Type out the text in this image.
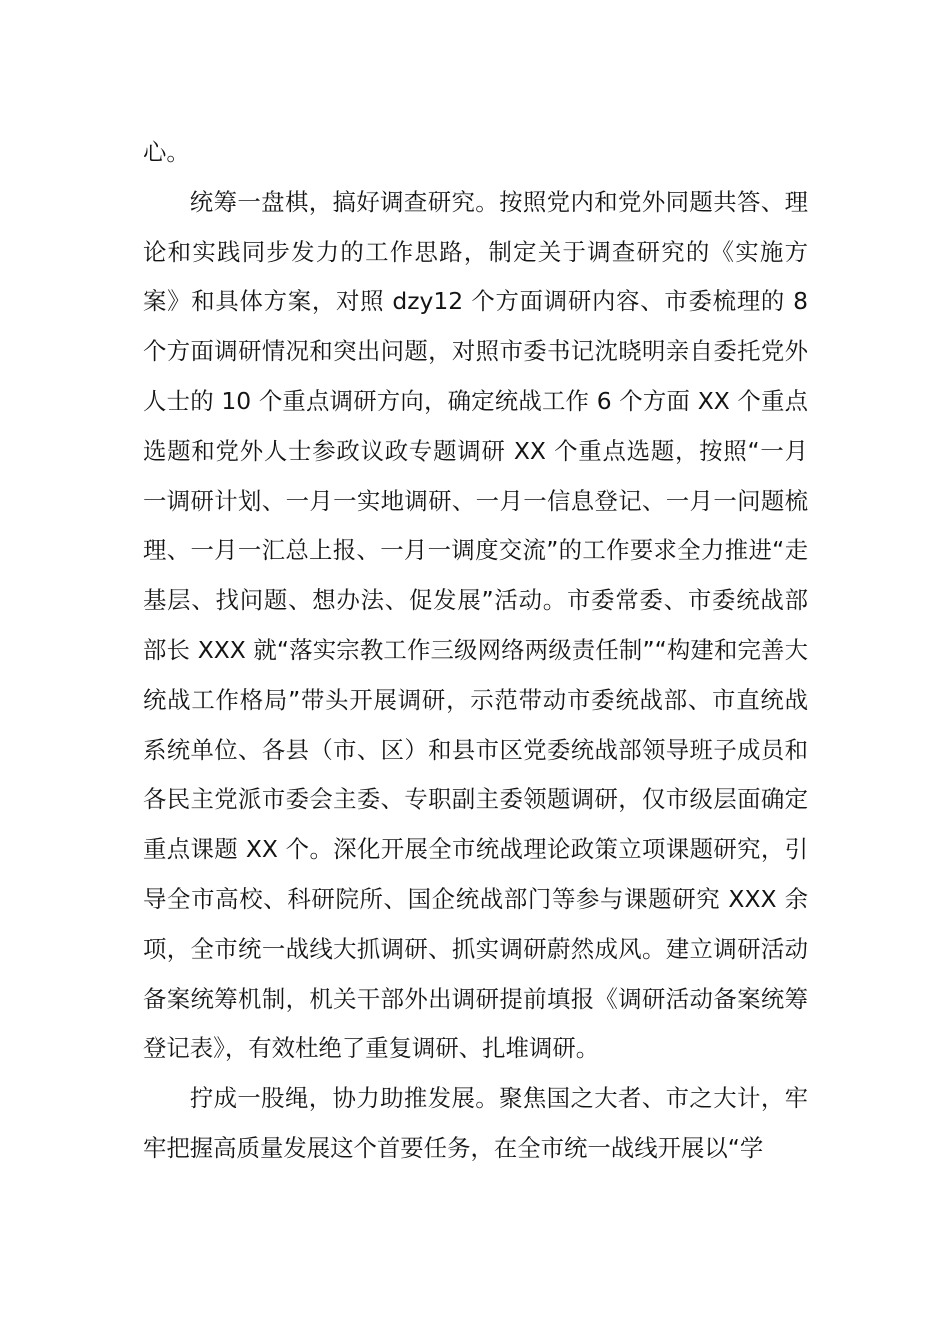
心。

统筹一盘棋，搞好调查研究。按照党内和党外同题共答、理论和实践同步发力的工作思路，制定关于调查研究的《实施方案》和具体方案，对照 dzy12 个方面调研内容、市委梳理的 8 个方面调研情况和突出问题，对照市委书记沈晓明亲自委托党外人士的 10 个重点调研方向，确定统战工作 6 个方面 XX 个重点选题和党外人士参政议政专题调研 XX 个重点选题，按照“一月一调研计划、一月一实地调研、一月一信息登记、一月一问题梳理、一月一汇总上报、一月一调度交流”的工作要求全力推进“走基层、找问题、想办法、促发展”活动。市委常委、市委统战部部长 XXX 就“落实宗教工作三级网络两级责任制”“构建和完善大统战工作格局”带头开展调研，示范带动市委统战部、市直统战系统单位、各县（市、区）和县市区党委统战部领导班子成员和各民主党派市委会主委、专职副主委领题调研，仅市级层面确定重点课题 XX 个。深化开展全市统战理论政策立项课题研究，引导全市高校、科研院所、国企统战部门等参与课题研究 XXX 余项，全市统一战线大抓调研、抓实调研蔚然成风。建立调研活动备案统筹机制，机关干部外出调研提前填报《调研活动备案统筹登记表》，有效杜绝了重复调研、扎堆调研。

拧成一股绳，协力助推发展。聚焦国之大者、市之大计，牢牢把握高质量发展这个首要任务，在全市统一战线开展以“学
